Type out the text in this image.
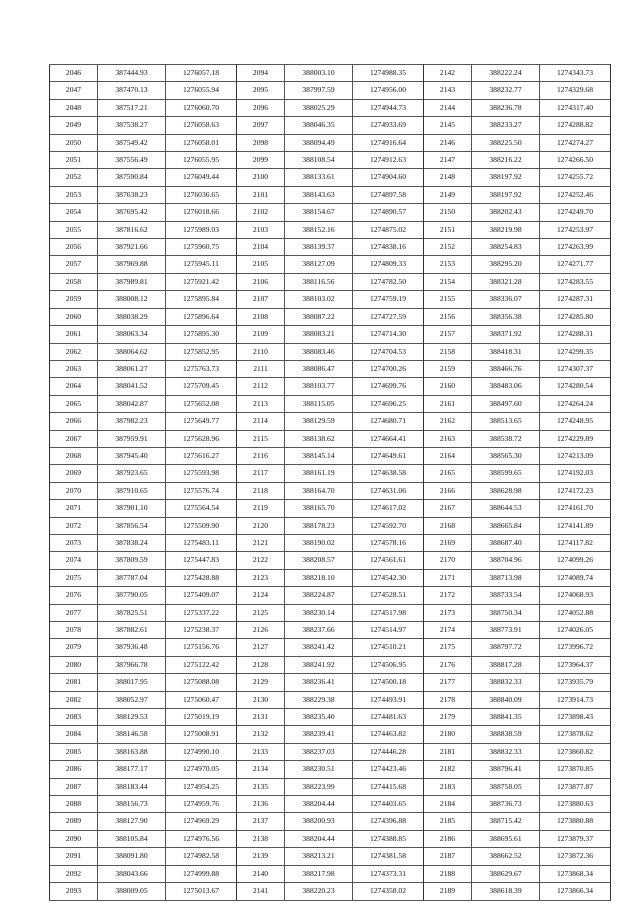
2046	387444.93	1276057.18	2094	388003.10	1274988.35	2142	388222.24	1274343.73
2047	387470.13	1276055.94	2095	387997.59	1274956.00	2143	388232.77	1274329.68
2048	387517.21	1276060.70	2096	388025.29	1274944.73	2144	388236.78	1274317.40
2049	387538.27	1276058.63	2097	388046.35	1274933.69	2145	388233.27	1274288.82
2050	387549.42	1276058.01	2098	388094.49	1274916.64	2146	388225.50	1274274.27
2051	387556.49	1276055.95	2099	388108.54	1274912.63	2147	388216.22	1274266.50
2052	387590.84	1276049.44	2100	388133.61	1274904.60	2148	388197.92	1274255.72
2053	387638.23	1276036.65	2101	388143.63	1274897.58	2149	388197.92	1274252.46
2054	387695.42	1276018.66	2102	388154.67	1274890.57	2150	388202.43	1274249.70
2055	387816.62	1275989.03	2103	388152.16	1274875.02	2151	388219.98	1274253.97
2056	387921.66	1275960.75	2104	388139.37	1274838.16	2152	388254.83	1274263.99
2057	387969.88	1275945.11	2105	388127.09	1274809.33	2153	388295.20	1274271.77
2058	387989.81	1275921.42	2106	388116.56	1274782.50	2154	388321.28	1274283.55
2059	388008.12	1275895.84	2107	388103.02	1274759.19	2155	388336.07	1274287.31
2060	388038.29	1275896.64	2108	388087.22	1274727.59	2156	388356.38	1274285.80
2061	388063.34	1275895.30	2109	388083.21	1274714.30	2157	388371.92	1274288.31
2062	388064.62	1275852.95	2110	388083.46	1274704.53	2158	388418.31	1274299.35
2063	388061.27	1275763.73	2111	388086.47	1274700.26	2159	388466.76	1274307.37
2064	388041.52	1275709.45	2112	388103.77	1274699.76	2160	388483.06	1274280.54
2065	388042.87	1275652.08	2113	388115.05	1274696.25	2161	388497.60	1274264.24
2066	387982.23	1275649.77	2114	388129.59	1274680.71	2162	388513.65	1274248.95
2067	387959.91	1275628.96	2115	388138.62	1274664.41	2163	388538.72	1274229.89
2068	387945.40	1275616.27	2116	388145.14	1274649.61	2164	388565.30	1274213.09
2069	387923.65	1275593.98	2117	388161.19	1274638.58	2165	388599.65	1274192.03
2070	387910.65	1275576.74	2118	388164.70	1274631.06	2166	388628.98	1274172.23
2071	387901.10	1275564.54	2119	388165.70	1274617.02	2167	388644.53	1274161.70
2072	387856.54	1275509.90	2120	388178.23	1274592.70	2168	388665.84	1274141.89
2073	387838.24	1275483.11	2121	388190.02	1274578.16	2169	388687.40	1274117.82
2074	387809.59	1275447.83	2122	388208.57	1274561.61	2170	388704.96	1274099.26
2075	387787.04	1275428.88	2123	388218.10	1274542.30	2171	388713.98	1274089.74
2076	387790.05	1275409.07	2124	388224.87	1274528.51	2172	388733.54	1274068.93
2077	387825.51	1275337.22	2125	388230.14	1274517.98	2173	388750.34	1274052.88
2078	387882.61	1275238.37	2126	388237.66	1274514.97	2174	388773.91	1274026.05
2079	387936.48	1275156.76	2127	388241.42	1274510.21	2175	388797.72	1273996.72
2080	387966.78	1275122.42	2128	388241.92	1274506.95	2176	388817.28	1273964.37
2081	388017.95	1275088.08	2129	388236.41	1274500.18	2177	388832.33	1273935.79
2082	388052.97	1275060.47	2130	388229.38	1274493.91	2178	388840.09	1273914.73
2083	388129.53	1275019.19	2131	388235.40	1274481.63	2179	388841.35	1273898.43
2084	388146.58	1275008.91	2132	388239.41	1274463.82	2180	388838.59	1273878.62
2085	388163.88	1274990.10	2133	388237.03	1274446.28	2181	388832.33	1273860.82
2086	388177.17	1274970.05	2134	388230.51	1274423.46	2182	388796.41	1273870.85
2087	388183.44	1274954.25	2135	388223.99	1274415.68	2183	388758.05	1273877.87
2088	388156.73	1274959.76	2136	388204.44	1274403.65	2184	388736.73	1273880.63
2089	388127.90	1274969.29	2137	388200.93	1274396.88	2185	388715.42	1273880.88
2090	388105.84	1274976.56	2138	388204.44	1274388.85	2186	388695.61	1273879.37
2091	388091.80	1274982.58	2139	388213.21	1274381.58	2187	388662.52	1273872.36
2092	388043.66	1274999.88	2140	388217.98	1274373.31	2188	388629.67	1273868.34
2093	388009.05	1275013.67	2141	388220.23	1274358.02	2189	388618.39	1273866.34
